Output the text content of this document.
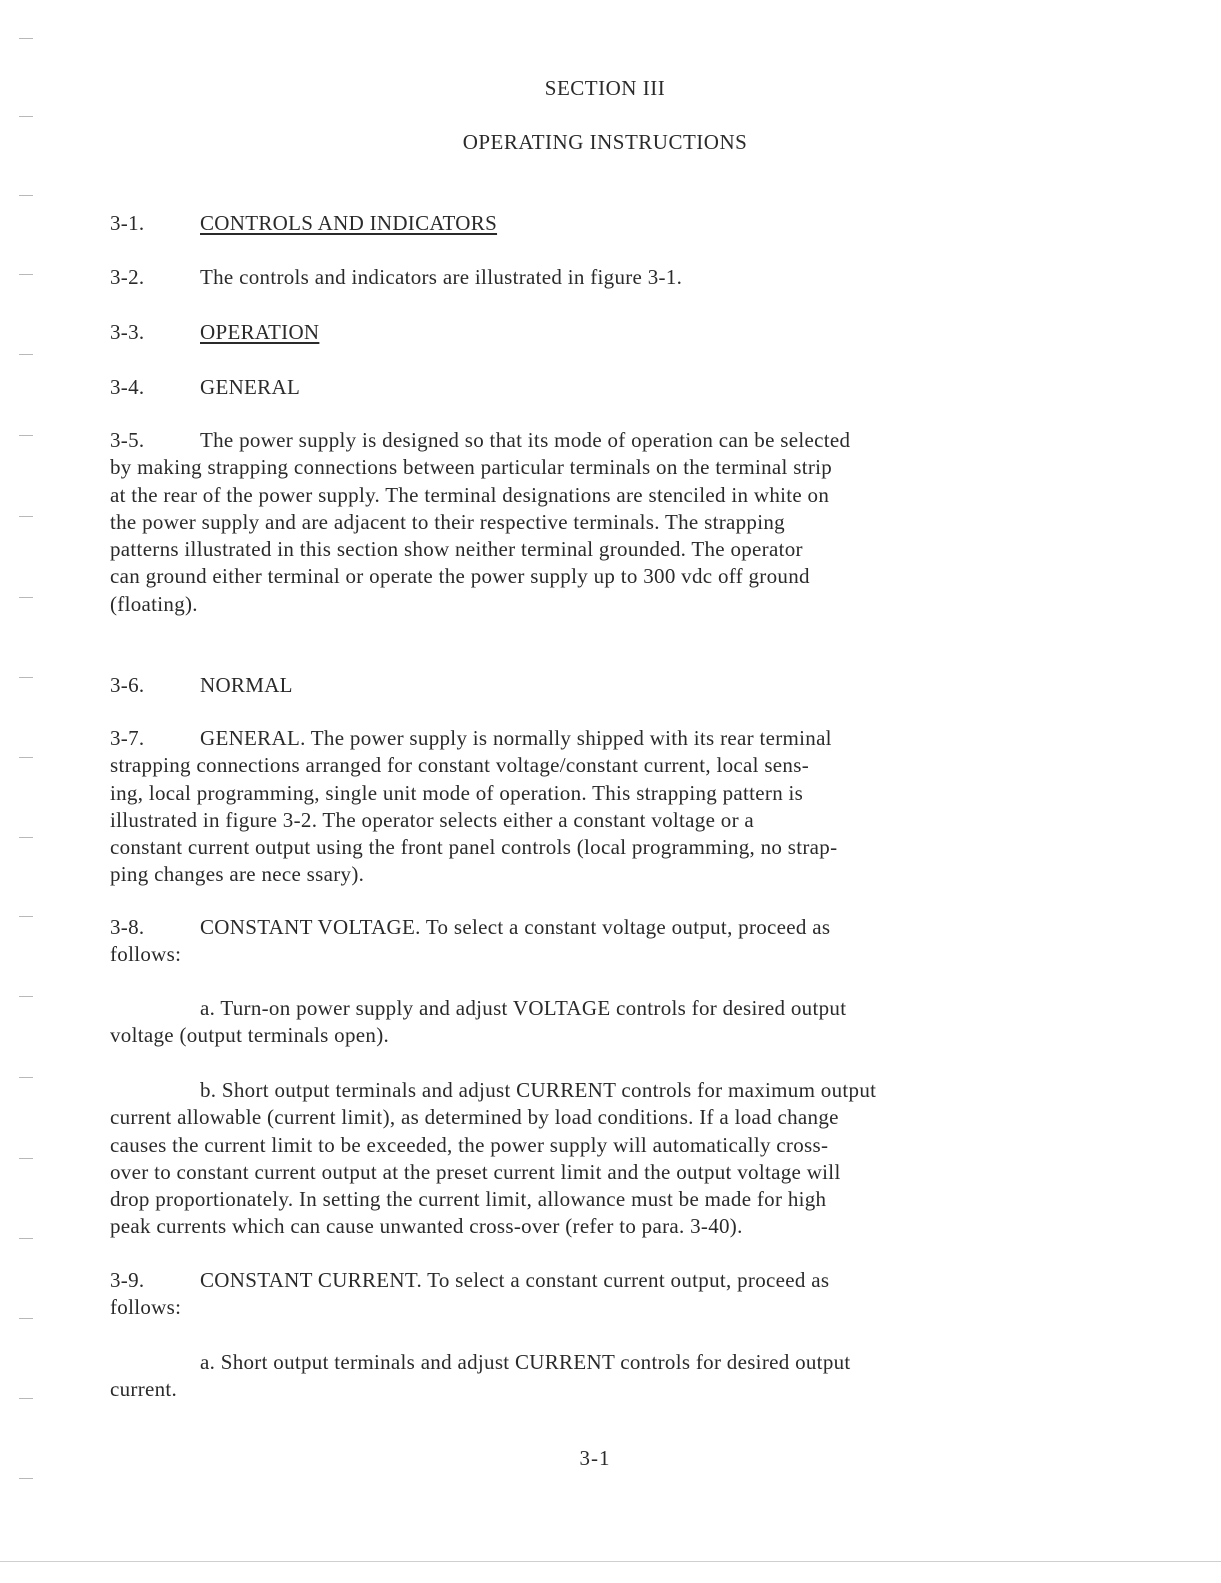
SECTION III
OPERATING INSTRUCTIONS
3-1.	CONTROLS AND INDICATORS
3-2.	The controls and indicators are illustrated in figure 3-1.
3-3.	OPERATION
3-4.	GENERAL
3-5.	The power supply is designed so that its mode of operation can be selected
by making strapping connections between particular terminals on the terminal strip
at the rear of the power supply. The terminal designations are stenciled in white on
the power supply and are adjacent to their respective terminals. The strapping
patterns illustrated in this section show neither terminal grounded. The operator
can ground either terminal or operate the power supply up to 300 vdc off ground
(floating).
3-6.	NORMAL
3-7.	GENERAL. The power supply is normally shipped with its rear terminal
strapping connections arranged for constant voltage/constant current, local sens-
ing, local programming, single unit mode of operation. This strapping pattern is
illustrated in figure 3-2. The operator selects either a constant voltage or a
constant current output using the front panel controls (local programming, no strap-
ping changes are nece ssary).
3-8.	CONSTANT VOLTAGE. To select a constant voltage output, proceed as
follows:
a. Turn-on power supply and adjust VOLTAGE controls for desired output
voltage (output terminals open).
b. Short output terminals and adjust CURRENT controls for maximum output
current allowable (current limit), as determined by load conditions. If a load change
causes the current limit to be exceeded, the power supply will automatically cross-
over to constant current output at the preset current limit and the output voltage will
drop proportionately. In setting the current limit, allowance must be made for high
peak currents which can cause unwanted cross-over (refer to para. 3-40).
3-9.	CONSTANT CURRENT. To select a constant current output, proceed as
follows:
a. Short output terminals and adjust CURRENT controls for desired output
current.
3-1
